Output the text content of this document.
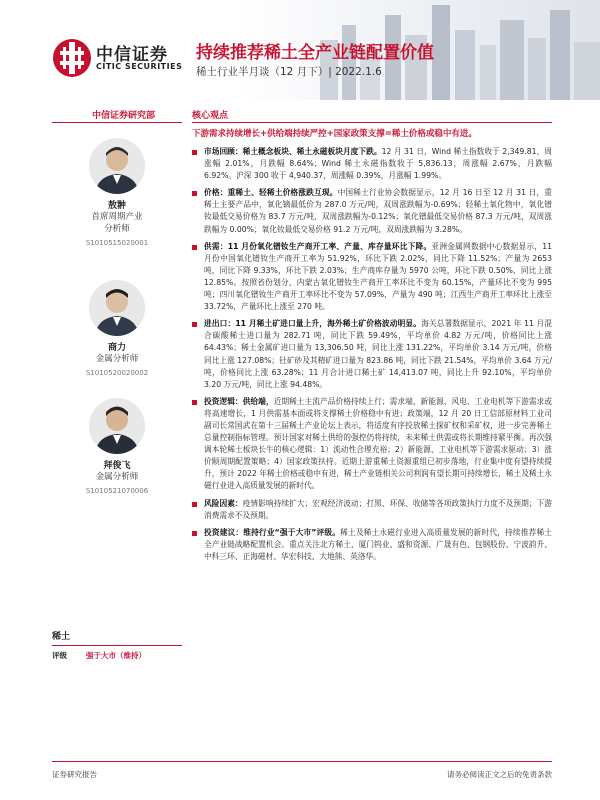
中信证券
CITIC SECURITIES
持续推荐稀土全产业链配置价值
稀土行业半月谈（12 月下）| 2022.1.6
中信证券研究部
敖翀
首席周期产业
分析师
S1010515020001
商力
金属分析师
S1010520020002
拜俊飞
金属分析师
S1010521070006
稀土
评级	强于大市（维持）
核心观点
下游需求持续增长+供给端持续严控+国家政策支撑=稀土价格或稳中有进。
市场回顾：稀土概念板块、稀土永磁板块月度下跌。12 月 31 日，Wind 稀土指数收于 2,349.81，周涨幅 2.01%，月跌幅 8.64%；Wind 稀土永磁指数收于 5,836.13，周涨幅 2.67%，月跌幅 6.92%。沪深 300 收于 4,940.37，周涨幅 0.39%，月涨幅 1.99%。
价格：重稀土、轻稀土价格涨跌互现。中国稀土行业协会数据显示，12 月 16 日至 12 月 31 日，重稀土主要产品中，氧化镝最低价为 287.0 万元/吨，双周涨跌幅为-0.69%；轻稀土氧化物中，氧化镨钕最低交易价格为 83.7 万元/吨，双周涨跌幅为-0.12%；氧化镨最低交易价格 87.3 万元/吨，双周涨跌幅为 0.00%；氧化钕最低交易价格 91.2 万元/吨，双周涨跌幅为 3.28%。
供需：11 月份氧化镨钕生产商开工率、产量、库存量环比下降。亚洲金属网数据中心数据显示，11 月份中国氧化镨钕生产商开工率为 51.92%，环比下跌 2.02%，同比下降 11.52%；产量为 2653 吨，同比下降 9.33%，环比下跌 2.03%；生产商库存量为 5970 公吨，环比下跌 0.50%，同比上涨 12.85%。按照省份划分，内蒙古氧化镨钕生产商开工率环比不变为 60.15%，产量环比不变为 995 吨；四川氧化镨钕生产商开工率环比不变为 57.09%，产量为 490 吨；江西生产商开工率环比上涨至 33.72%，产量环比上涨至 270 吨。
进出口：11 月稀土矿进口量上升，海外稀土矿价格波动明显。海关总署数据显示，2021 年 11 月混合碳酸稀土进口量为 282.71 吨，同比下跌 59.49%，平均单价 4.82 万元/吨，价格同比上涨 64.43%；稀土金属矿进口量为 13,306.50 吨，同比上涨 131.22%，平均单价 3.14 万元/吨，价格同比上涨 127.08%；钍矿砂及其精矿进口量为 823.86 吨，同比下跌 21.54%，平均单价 3.64 万元/吨，价格同比上涨 63.28%；11 月合计进口稀土矿 14,413.07 吨，同比上升 92.10%，平均单价 3.20 万元/吨，同比上涨 94.48%。
投资逻辑：供给端，近期稀土主流产品价格持续上行；需求端，新能源、风电、工业电机等下游需求或将高速增长，1 月供需基本面或将支撑稀土价格稳中有进；政策端，12 月 20 日工信部原材料工业司副司长常国武在第十三届稀土产业论坛上表示，将适度有序投放稀土探矿权和采矿权，进一步完善稀土总量控制指标管理。预计国家对稀土供给的强控仍将持续，未来稀土供需或将长期维持紧平衡。再次强调本轮稀土板块长牛的核心逻辑：1）流动性合理充裕；2）新能源、工业电机等下游需求驱动；3）涨价顺周期配置策略；4）国家政策扶持。近期上游重稀土资源重组已初步落地，行业集中度有望持续提升，预计 2022 年稀土价格或稳中有进，稀土产业链相关公司利润有望长期可持续增长，稀土及稀土永磁行业进入高质量发展的新时代。
风险因素：疫情影响持续扩大；宏观经济波动；打黑、环保、收储等各项政策执行力度不及预期；下游消费需求不及预期。
投资建议：维持行业“强于大市”评级。稀土及稀土永磁行业进入高质量发展的新时代，持续推荐稀土全产业链战略配置机会。重点关注北方稀土、厦门钨业、盛和资源、广晟有色、包钢股份、宁波韵升、中科三环、正海磁材、华宏科技、大地熊、英洛华。
证券研究报告	请务必阅读正文之后的免责条款
